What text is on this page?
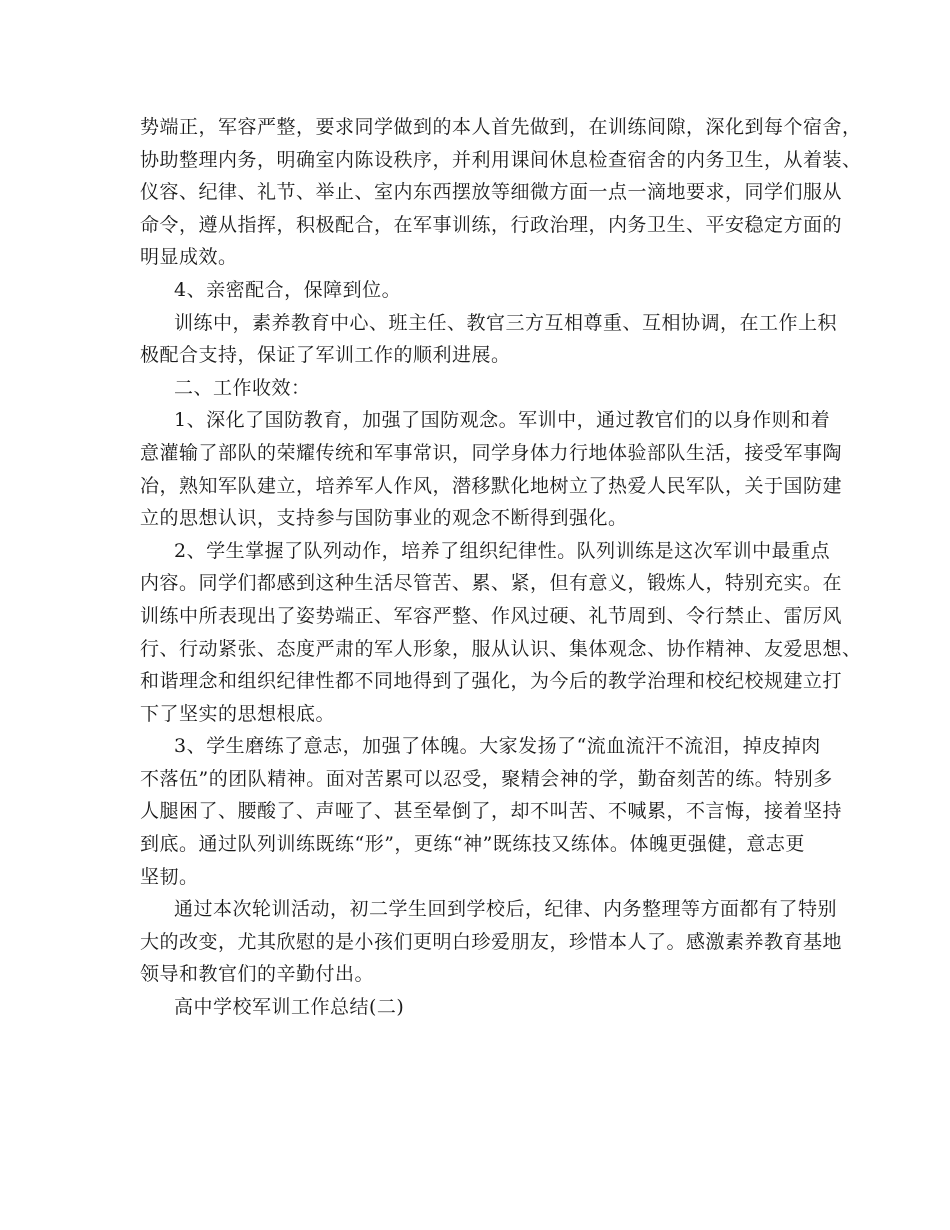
势端正，军容严整，要求同学做到的本人首先做到，在训练间隙，深化到每个宿舍，

协助整理内务，明确室内陈设秩序，并利用课间休息检查宿舍的内务卫生，从着装、

仪容、纪律、礼节、举止、室内东西摆放等细微方面一点一滴地要求，同学们服从

命令，遵从指挥，积极配合，在军事训练，行政治理，内务卫生、平安稳定方面的

明显成效。

4、亲密配合，保障到位。

训练中，素养教育中心、班主任、教官三方互相尊重、互相协调，在工作上积

极配合支持，保证了军训工作的顺利进展。

二、工作收效：

1、深化了国防教育，加强了国防观念。军训中，通过教官们的以身作则和着

意灌输了部队的荣耀传统和军事常识，同学身体力行地体验部队生活，接受军事陶

冶，熟知军队建立，培养军人作风，潜移默化地树立了热爱人民军队，关于国防建

立的思想认识，支持参与国防事业的观念不断得到强化。

2、学生掌握了队列动作，培养了组织纪律性。队列训练是这次军训中最重点

内容。同学们都感到这种生活尽管苦、累、紧，但有意义，锻炼人，特别充实。在

训练中所表现出了姿势端正、军容严整、作风过硬、礼节周到、令行禁止、雷厉风

行、行动紧张、态度严肃的军人形象，服从认识、集体观念、协作精神、友爱思想、

和谐理念和组织纪律性都不同地得到了强化，为今后的教学治理和校纪校规建立打

下了坚实的思想根底。

3、学生磨练了意志，加强了体魄。大家发扬了“流血流汗不流泪，掉皮掉肉

不落伍”的团队精神。面对苦累可以忍受，聚精会神的学，勤奋刻苦的练。特别多

人腿困了、腰酸了、声哑了、甚至晕倒了，却不叫苦、不喊累，不言悔，接着坚持

到底。通过队列训练既练“形”，更练“神”既练技又练体。体魄更强健，意志更

坚韧。

通过本次轮训活动，初二学生回到学校后，纪律、内务整理等方面都有了特别

大的改变，尤其欣慰的是小孩们更明白珍爱朋友，珍惜本人了。感激素养教育基地

领导和教官们的辛勤付出。

高中学校军训工作总结(二)
